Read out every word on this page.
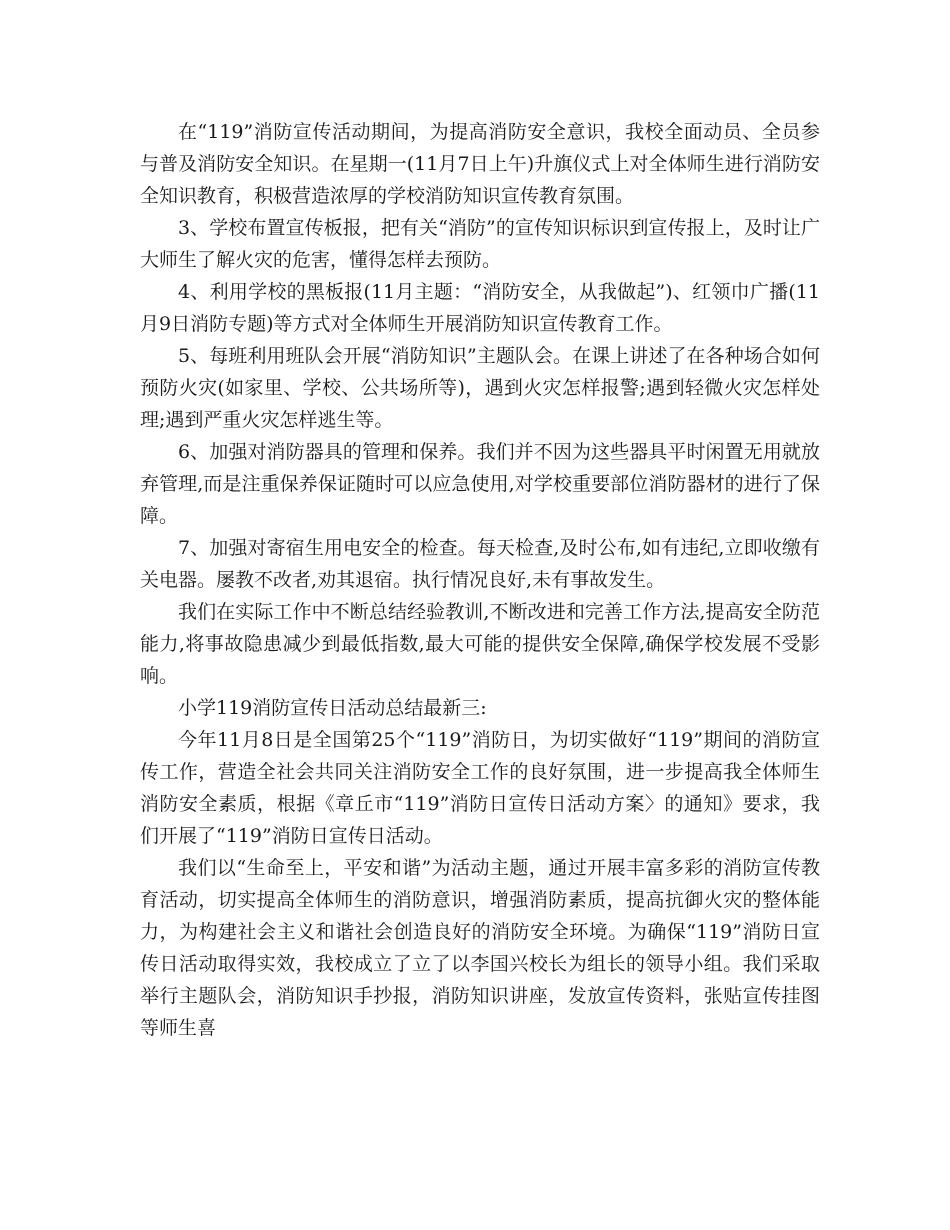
在“119”消防宣传活动期间，为提高消防安全意识，我校全面动员、全员参与普及消防安全知识。在星期一(11月7日上午)升旗仪式上对全体师生进行消防安全知识教育，积极营造浓厚的学校消防知识宣传教育氛围。

3、学校布置宣传板报，把有关“消防”的宣传知识标识到宣传报上，及时让广大师生了解火灾的危害，懂得怎样去预防。

4、利用学校的黑板报(11月主题：“消防安全，从我做起”)、红领巾广播(11月9日消防专题)等方式对全体师生开展消防知识宣传教育工作。

5、每班利用班队会开展“消防知识”主题队会。在课上讲述了在各种场合如何预防火灾(如家里、学校、公共场所等)，遇到火灾怎样报警;遇到轻微火灾怎样处理;遇到严重火灾怎样逃生等。

6、加强对消防器具的管理和保养。我们并不因为这些器具平时闲置无用就放弃管理,而是注重保养保证随时可以应急使用,对学校重要部位消防器材的进行了保障。

7、加强对寄宿生用电安全的检查。每天检查,及时公布,如有违纪,立即收缴有关电器。屡教不改者,劝其退宿。执行情况良好,未有事故发生。

我们在实际工作中不断总结经验教训,不断改进和完善工作方法,提高安全防范能力,将事故隐患减少到最低指数,最大可能的提供安全保障,确保学校发展不受影响。

小学119消防宣传日活动总结最新三:

今年11月8日是全国第25个“119”消防日，为切实做好“119”期间的消防宣传工作，营造全社会共同关注消防安全工作的良好氛围，进一步提高我全体师生消防安全素质，根据《章丘市“119”消防日宣传日活动方案〉的通知》要求，我们开展了“119”消防日宣传日活动。

我们以“生命至上，平安和谐”为活动主题，通过开展丰富多彩的消防宣传教育活动，切实提高全体师生的消防意识，增强消防素质，提高抗御火灾的整体能力，为构建社会主义和谐社会创造良好的消防安全环境。为确保“119”消防日宣传日活动取得实效，我校成立了立了以李国兴校长为组长的领导小组。我们采取举行主题队会，消防知识手抄报，消防知识讲座，发放宣传资料，张贴宣传挂图等师生喜
